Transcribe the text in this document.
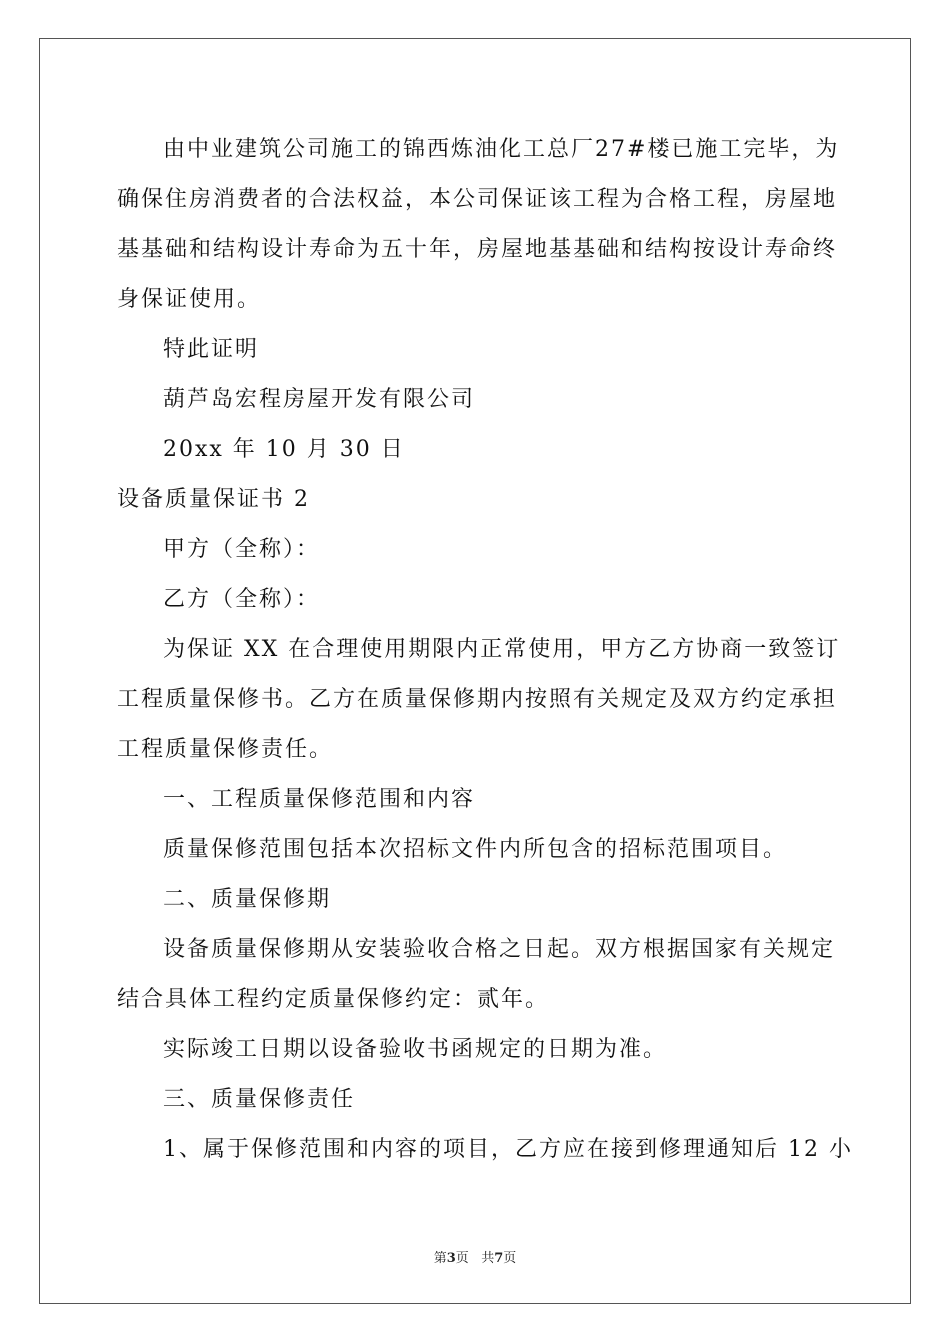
由中业建筑公司施工的锦西炼油化工总厂27#楼已施工完毕，为
确保住房消费者的合法权益，本公司保证该工程为合格工程，房屋地
基基础和结构设计寿命为五十年，房屋地基基础和结构按设计寿命终
身保证使用。
特此证明
葫芦岛宏程房屋开发有限公司
20xx 年 10 月 30 日
设备质量保证书 2
甲方（全称）：
乙方（全称）：
为保证 XX 在合理使用期限内正常使用，甲方乙方协商一致签订
工程质量保修书。乙方在质量保修期内按照有关规定及双方约定承担
工程质量保修责任。
一、工程质量保修范围和内容
质量保修范围包括本次招标文件内所包含的招标范围项目。
二、质量保修期
设备质量保修期从安装验收合格之日起。双方根据国家有关规定
结合具体工程约定质量保修约定：贰年。
实际竣工日期以设备验收书函规定的日期为准。
三、质量保修责任
1、属于保修范围和内容的项目，乙方应在接到修理通知后 12 小
第3页 共7页
